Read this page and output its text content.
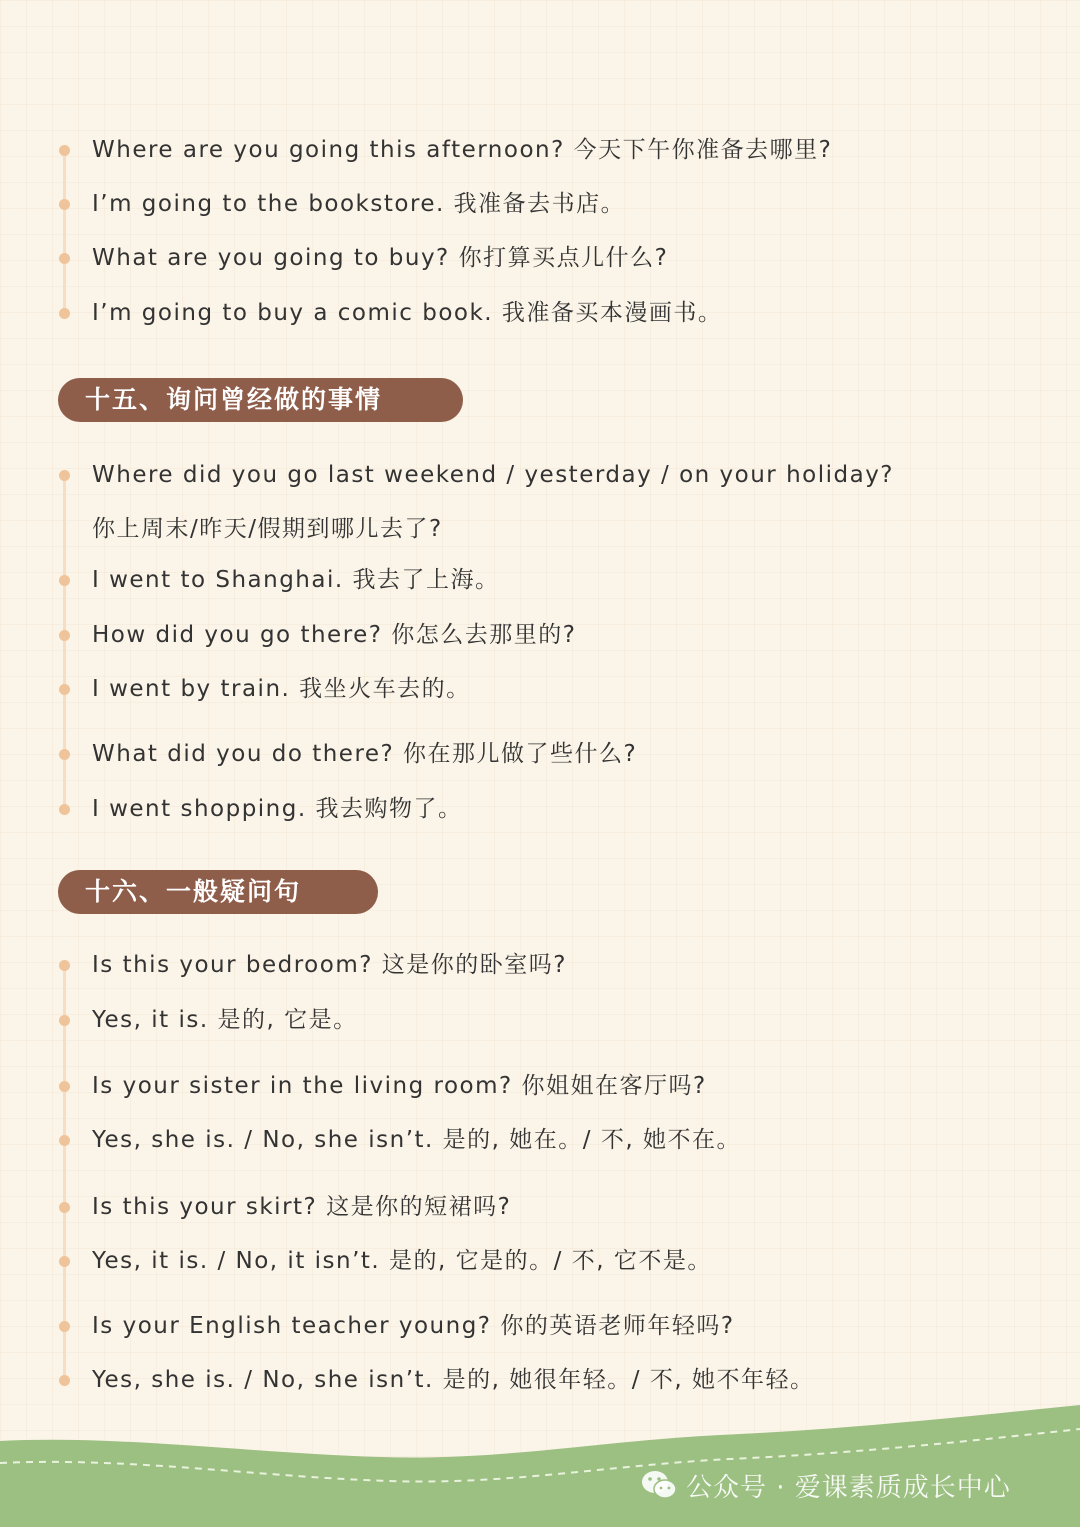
Where are you going this afternoon? 今天下午你准备去哪里?
I’m going to the bookstore. 我准备去书店。
What are you going to buy? 你打算买点儿什么?
I’m going to buy a comic book. 我准备买本漫画书。
十五、询问曾经做的事情
Where did you go last weekend / yesterday / on your holiday?
你上周末/昨天/假期到哪儿去了?
I went to Shanghai. 我去了上海。
How did you go there? 你怎么去那里的?
I went by train. 我坐火车去的。
What did you do there? 你在那儿做了些什么?
I went shopping. 我去购物了。
十六、一般疑问句
Is this your bedroom? 这是你的卧室吗?
Yes, it is. 是的, 它是。
Is your sister in the living room? 你姐姐在客厅吗?
Yes, she is. / No, she isn’t. 是的, 她在。/ 不, 她不在。
Is this your skirt? 这是你的短裙吗?
Yes, it is. / No, it isn’t. 是的, 它是的。/ 不, 它不是。
Is your English teacher young? 你的英语老师年轻吗?
Yes, she is. / No, she isn’t. 是的, 她很年轻。/ 不, 她不年轻。
公众号 · 爱课素质成长中心
